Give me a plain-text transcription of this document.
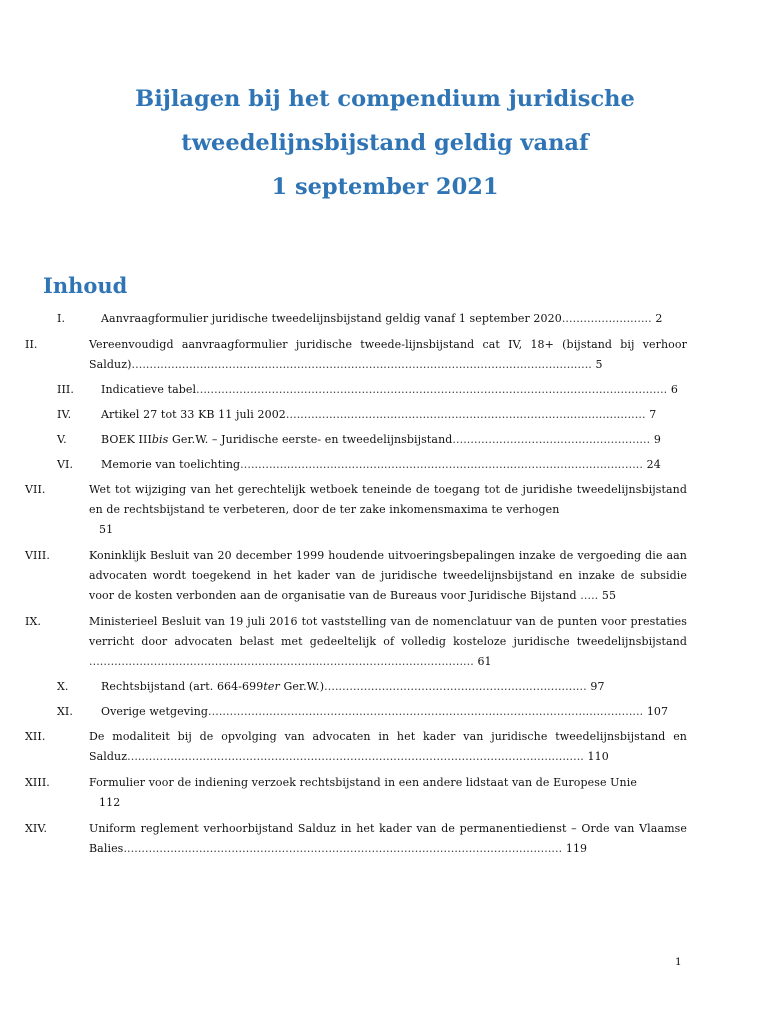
Bijlagen bij het compendium juridische
tweedelijnsbijstand geldig vanaf
1 september 2021
Inhoud
I.	Aanvraagformulier juridische tweedelijnsbijstand geldig vanaf 1 september 2020......................... 2
II.	Vereenvoudigd aanvraagformulier juridische tweede-lijnsbijstand cat IV, 18+ (bijstand bij verhoor Salduz)................................................................................................................................ 5
III. Indicatieve tabel................................................................................................................................... 6
IV.	Artikel 27 tot 33 KB 11 juli 2002.................................................................................................... 7
V.	BOEK IIIbis Ger.W. – Juridische eerste- en tweedelijnsbijstand....................................................... 9
VI.	Memorie van toelichting................................................................................................................ 24
VII.	Wet tot wijziging van het gerechtelijk wetboek teneinde de toegang tot de juridishe tweedelijnsbijstand en de rechtsbijstand te verbeteren, door de ter zake inkomensmaxima te verhogen
51
VIII.	Koninklijk Besluit van 20 december 1999 houdende uitvoeringsbepalingen inzake de vergoeding die aan advocaten wordt toegekend in het kader van de juridische tweedelijnsbijstand en inzake de subsidie voor de kosten verbonden aan de organisatie van de Bureaus voor Juridische Bijstand ..... 55
IX.	Ministerieel Besluit van 19 juli 2016 tot vaststelling van de nomenclatuur van de punten voor prestaties verricht door advocaten belast met gedeeltelijk of volledig kosteloze juridische tweedelijnsbijstand ........................................................................................................... 61
X.	Rechtsbijstand (art. 664-699ter Ger.W.)......................................................................... 97
XI.	Overige wetgeving......................................................................................................................... 107
XII.	De modaliteit bij de opvolging van advocaten in het kader van juridische tweedelijnsbijstand en Salduz............................................................................................................................... 110
XIII.	Formulier voor de indiening verzoek rechtsbijstand in een andere lidstaat van de Europese Unie
112
XIV.	Uniform reglement verhoorbijstand Salduz in het kader van de permanentiedienst – Orde van Vlaamse Balies.......................................................................................................................... 119
1
